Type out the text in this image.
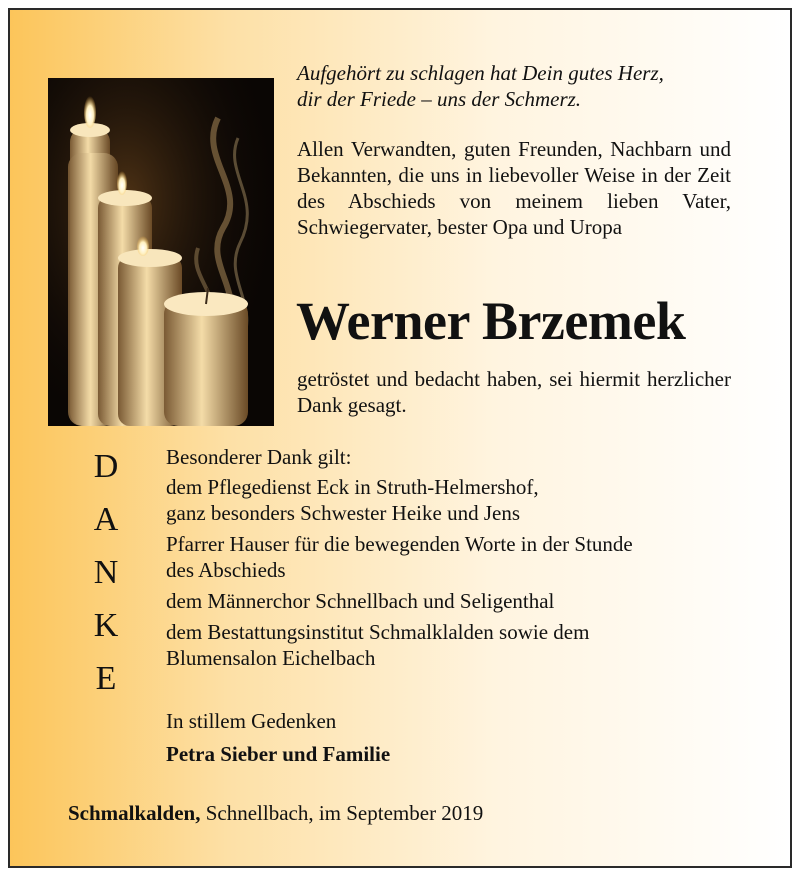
Aufgehört zu schlagen hat Dein gutes Herz,
dir der Friede – uns der Schmerz.
Allen Verwandten, guten Freunden, Nachbarn und Bekannten, die uns in liebevoller Weise in der Zeit des Abschieds von meinem lieben Vater, Schwiegervater, bester Opa und Uropa
Werner Brzemek
getröstet und bedacht haben, sei hiermit herzlicher Dank gesagt.
D
A
N
K
E
Besonderer Dank gilt:
dem Pflegedienst Eck in Struth-Helmershof,
ganz besonders Schwester Heike und Jens
Pfarrer Hauser für die bewegenden Worte in der Stunde
des Abschieds
dem Männerchor Schnellbach und Seligenthal
dem Bestattungsinstitut Schmalklalden sowie dem
Blumensalon Eichelbach
In stillem Gedenken
Petra Sieber und Familie
Schmalkalden, Schnellbach, im September 2019
